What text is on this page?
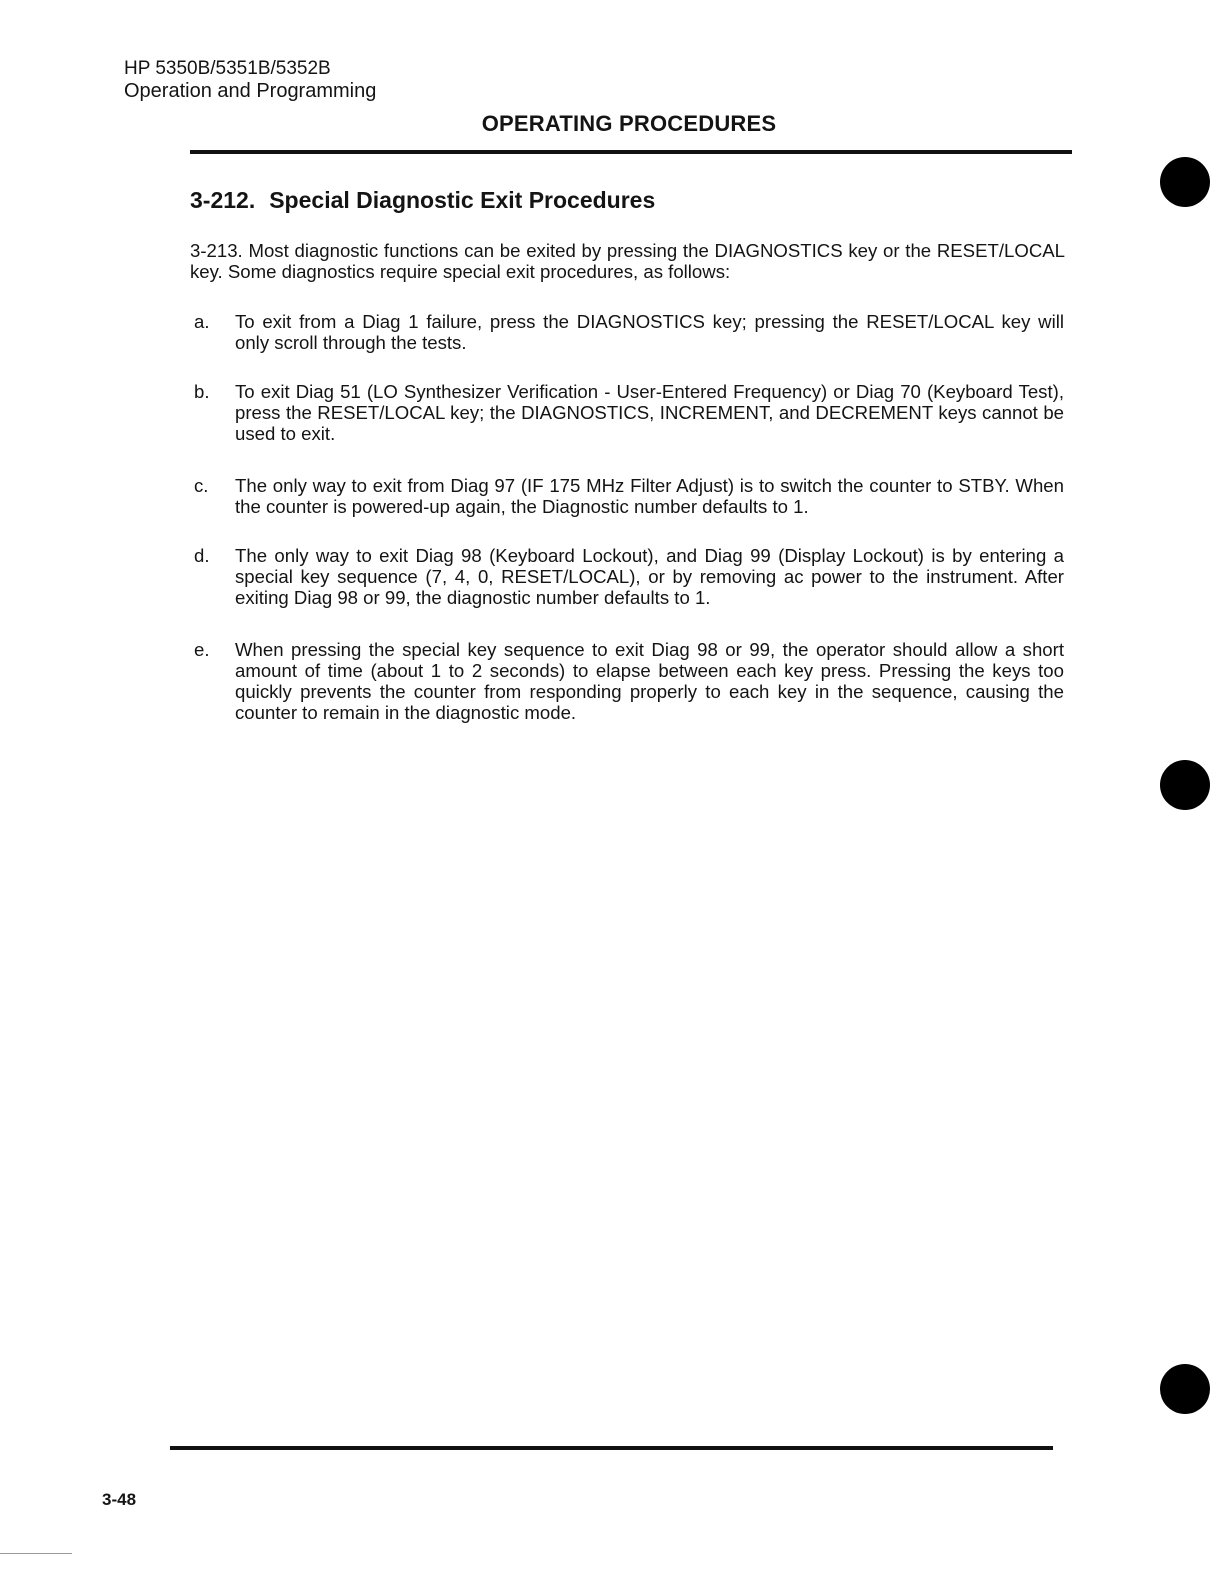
HP 5350B/5351B/5352B
Operation and Programming
OPERATING PROCEDURES
3-212. Special Diagnostic Exit Procedures
3-213. Most diagnostic functions can be exited by pressing the DIAGNOSTICS key or the RESET/LOCAL key. Some diagnostics require special exit procedures, as follows:
a. To exit from a Diag 1 failure, press the DIAGNOSTICS key; pressing the RESET/LOCAL key will only scroll through the tests.
b. To exit Diag 51 (LO Synthesizer Verification - User-Entered Frequency) or Diag 70 (Keyboard Test), press the RESET/LOCAL key; the DIAGNOSTICS, INCREMENT, and DECREMENT keys cannot be used to exit.
c. The only way to exit from Diag 97 (IF 175 MHz Filter Adjust) is to switch the counter to STBY. When the counter is powered-up again, the Diagnostic number defaults to 1.
d. The only way to exit Diag 98 (Keyboard Lockout), and Diag 99 (Display Lockout) is by entering a special key sequence (7, 4, 0, RESET/LOCAL), or by removing ac power to the instrument. After exiting Diag 98 or 99, the diagnostic number defaults to 1.
e. When pressing the special key sequence to exit Diag 98 or 99, the operator should allow a short amount of time (about 1 to 2 seconds) to elapse between each key press. Pressing the keys too quickly prevents the counter from responding properly to each key in the sequence, causing the counter to remain in the diagnostic mode.
3-48
